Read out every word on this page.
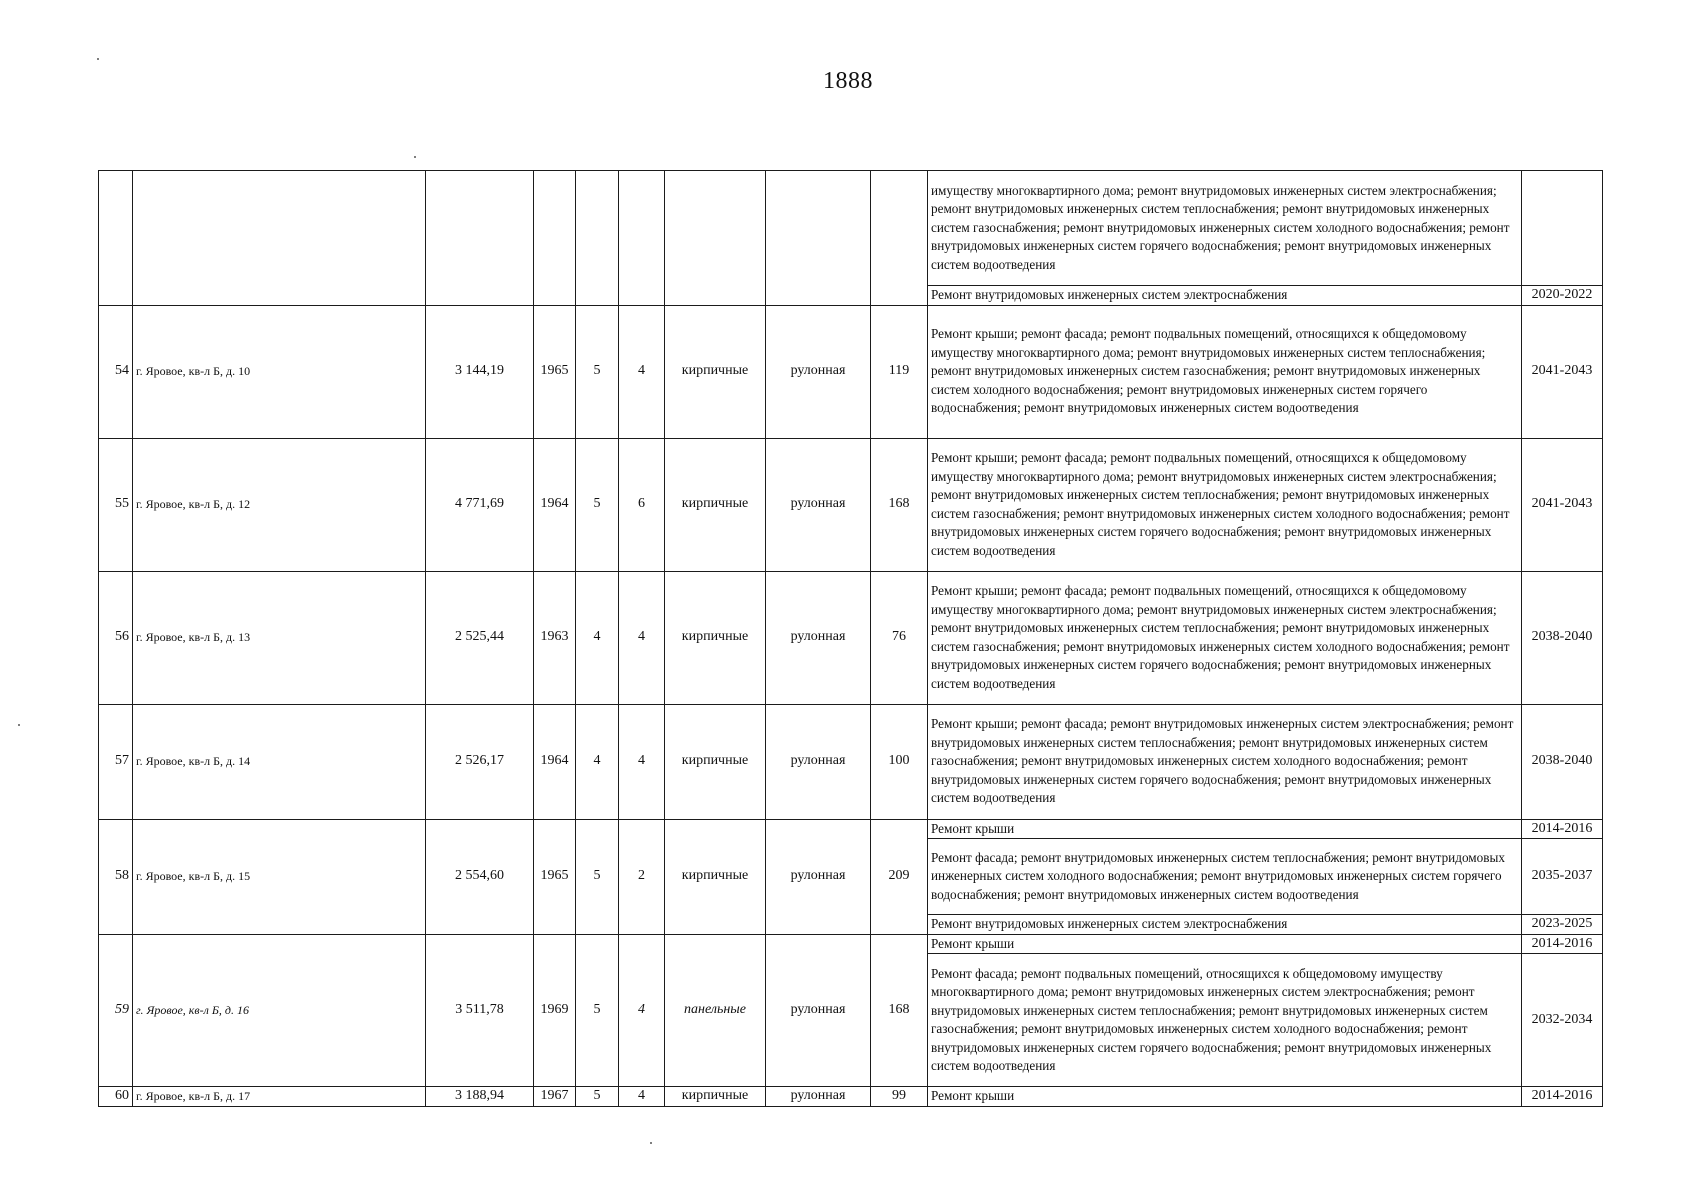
1888
									имуществу многоквартирного дома; ремонт внутридомовых инженерных систем электроснабжения; ремонт внутридомовых инженерных систем теплоснабжения; ремонт внутридомовых инженерных систем газоснабжения; ремонт внутридомовых инженерных систем холодного водоснабжения; ремонт внутридомовых инженерных систем горячего водоснабжения; ремонт внутридомовых инженерных систем водоотведения	
									Ремонт внутридомовых инженерных систем электроснабжения	2020-2022
54	г. Яровое, кв-л Б, д. 10	3 144,19	1965	5	4	кирпичные	рулонная	119	Ремонт крыши; ремонт фасада; ремонт подвальных помещений, относящихся к общедомовому имуществу многоквартирного дома; ремонт внутридомовых инженерных систем теплоснабжения; ремонт внутридомовых инженерных систем газоснабжения; ремонт внутридомовых инженерных систем холодного водоснабжения; ремонт внутридомовых инженерных систем горячего водоснабжения; ремонт внутридомовых инженерных систем водоотведения	2041-2043
55	г. Яровое, кв-л Б, д. 12	4 771,69	1964	5	6	кирпичные	рулонная	168	Ремонт крыши; ремонт фасада; ремонт подвальных помещений, относящихся к общедомовому имуществу многоквартирного дома; ремонт внутридомовых инженерных систем электроснабжения; ремонт внутридомовых инженерных систем теплоснабжения; ремонт внутридомовых инженерных систем газоснабжения; ремонт внутридомовых инженерных систем холодного водоснабжения; ремонт внутридомовых инженерных систем горячего водоснабжения; ремонт внутридомовых инженерных систем водоотведения	2041-2043
56	г. Яровое, кв-л Б, д. 13	2 525,44	1963	4	4	кирпичные	рулонная	76	Ремонт крыши; ремонт фасада; ремонт подвальных помещений, относящихся к общедомовому имуществу многоквартирного дома; ремонт внутридомовых инженерных систем электроснабжения; ремонт внутридомовых инженерных систем теплоснабжения; ремонт внутридомовых инженерных систем газоснабжения; ремонт внутридомовых инженерных систем холодного водоснабжения; ремонт внутридомовых инженерных систем горячего водоснабжения; ремонт внутридомовых инженерных систем водоотведения	2038-2040
57	г. Яровое, кв-л Б, д. 14	2 526,17	1964	4	4	кирпичные	рулонная	100	Ремонт крыши; ремонт фасада; ремонт внутридомовых инженерных систем электроснабжения; ремонт внутридомовых инженерных систем теплоснабжения; ремонт внутридомовых инженерных систем газоснабжения; ремонт внутридомовых инженерных систем холодного водоснабжения; ремонт внутридомовых инженерных систем горячего водоснабжения; ремонт внутридомовых инженерных систем водоотведения	2038-2040
58	г. Яровое, кв-л Б, д. 15	2 554,60	1965	5	2	кирпичные	рулонная	209	Ремонт крыши	2014-2016
									Ремонт фасада; ремонт внутридомовых инженерных систем теплоснабжения; ремонт внутридомовых инженерных систем холодного водоснабжения; ремонт внутридомовых инженерных систем горячего водоснабжения; ремонт внутридомовых инженерных систем водоотведения	2035-2037
									Ремонт внутридомовых инженерных систем электроснабжения	2023-2025
59	г. Яровое, кв-л Б, д. 16	3 511,78	1969	5	4	панельные	рулонная	168	Ремонт крыши	2014-2016
									Ремонт фасада; ремонт подвальных помещений, относящихся к общедомовому имуществу многоквартирного дома; ремонт внутридомовых инженерных систем электроснабжения; ремонт внутридомовых инженерных систем теплоснабжения; ремонт внутридомовых инженерных систем газоснабжения; ремонт внутридомовых инженерных систем холодного водоснабжения; ремонт внутридомовых инженерных систем горячего водоснабжения; ремонт внутридомовых инженерных систем водоотведения	2032-2034
60	г. Яровое, кв-л Б, д. 17	3 188,94	1967	5	4	кирпичные	рулонная	99	Ремонт крыши	2014-2016
